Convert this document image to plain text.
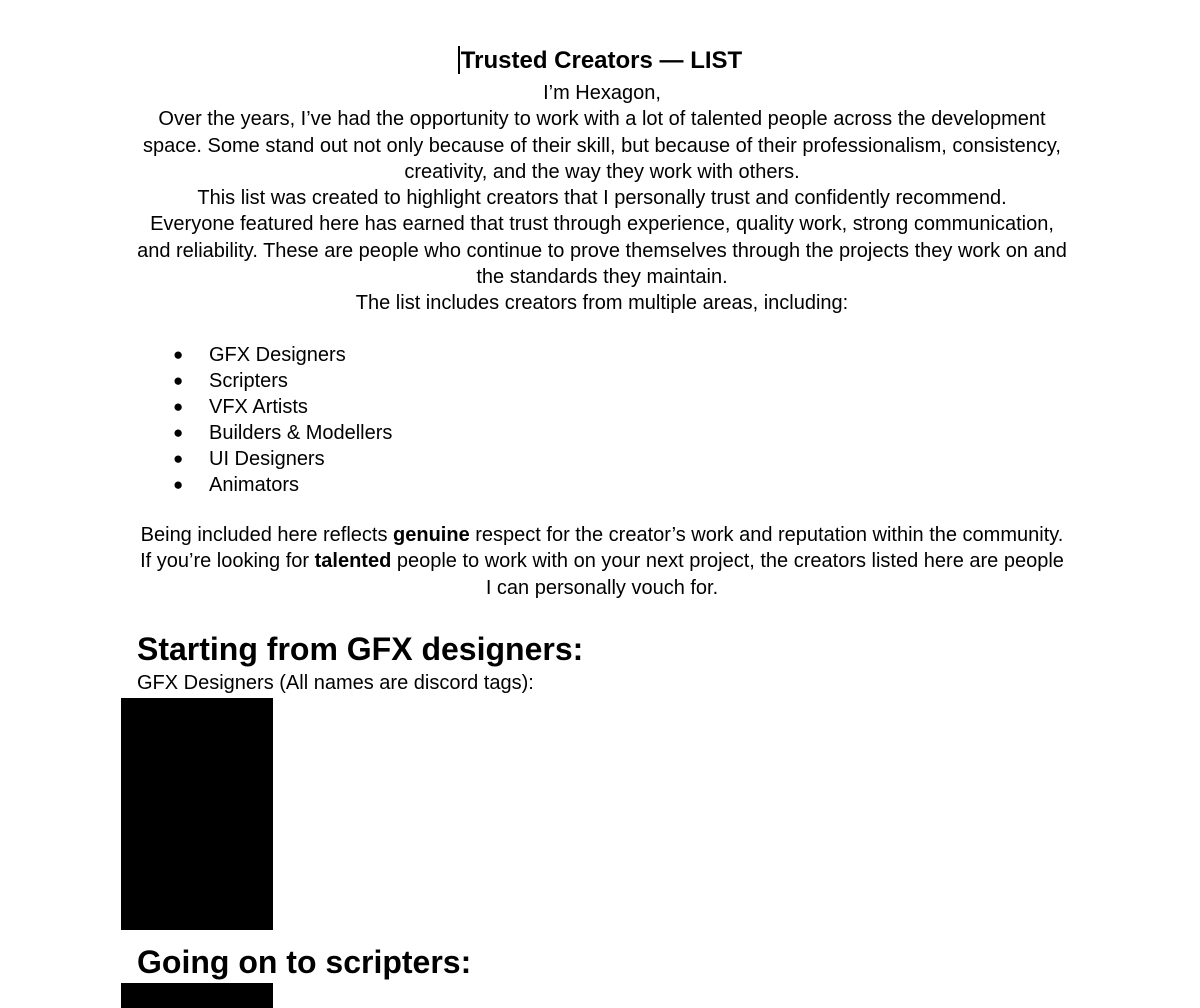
Trusted Creators — LIST

I’m Hexagon,

Over the years, I’ve had the opportunity to work with a lot of talented people across the development space. Some stand out not only because of their skill, but because of their professionalism, consistency, creativity, and the way they work with others.

This list was created to highlight creators that I personally trust and confidently recommend.

Everyone featured here has earned that trust through experience, quality work, strong communication, and reliability. These are people who continue to prove themselves through the projects they work on and the standards they maintain.

The list includes creators from multiple areas, including:

● GFX Designers
● Scripters
● VFX Artists
● Builders & Modellers
● UI Designers
● Animators

Being included here reflects genuine respect for the creator’s work and reputation within the community.

If you’re looking for talented people to work with on your next project, the creators listed here are people I can personally vouch for.

Starting from GFX designers:
GFX Designers (All names are discord tags):
Going on to scripters:
